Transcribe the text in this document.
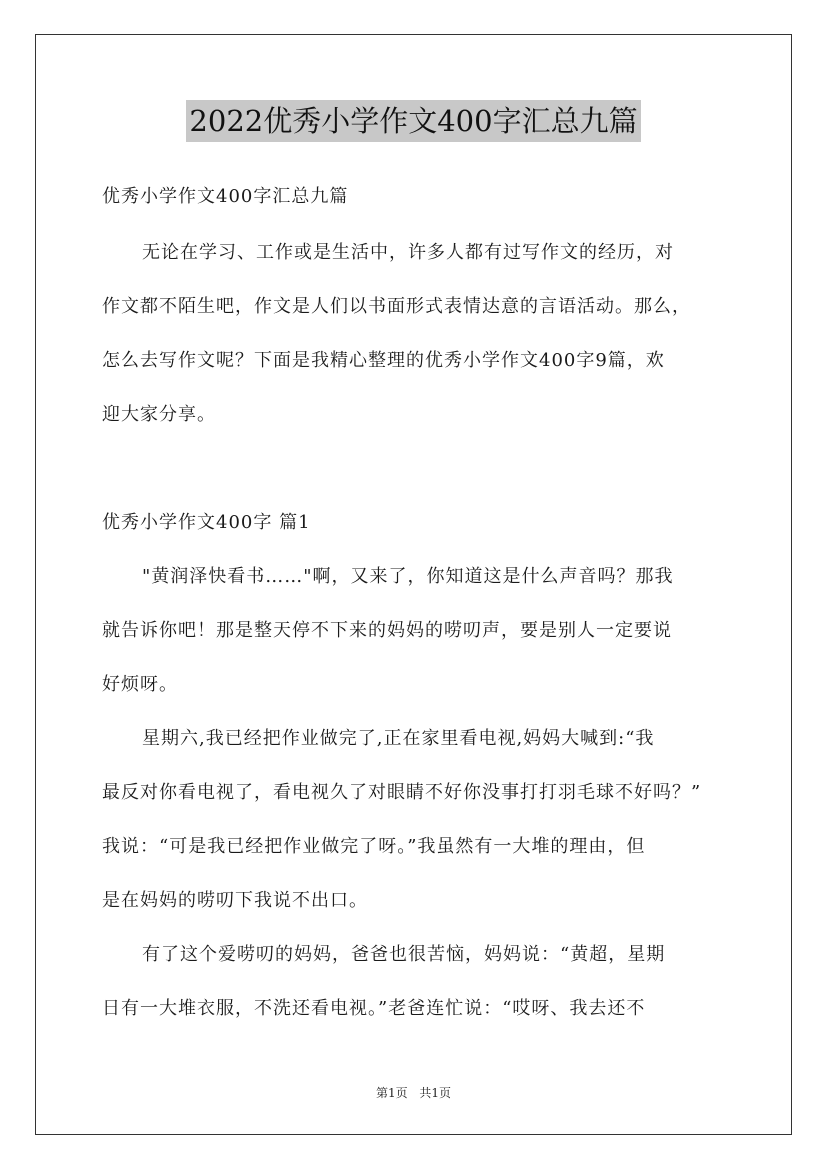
2022优秀小学作文400字汇总九篇
优秀小学作文400字汇总九篇
无论在学习、工作或是生活中，许多人都有过写作文的经历，对
作文都不陌生吧，作文是人们以书面形式表情达意的言语活动。那么，
怎么去写作文呢？下面是我精心整理的优秀小学作文400字9篇，欢
迎大家分享。
优秀小学作文400字 篇1
"黄润泽快看书……"啊，又来了，你知道这是什么声音吗？那我
就告诉你吧！那是整天停不下来的妈妈的唠叨声，要是别人一定要说
好烦呀。
星期六,我已经把作业做完了,正在家里看电视,妈妈大喊到:“我
最反对你看电视了，看电视久了对眼睛不好你没事打打羽毛球不好吗？”
我说：“可是我已经把作业做完了呀。”我虽然有一大堆的理由，但
是在妈妈的唠叨下我说不出口。
有了这个爱唠叨的妈妈，爸爸也很苦恼，妈妈说：“黄超，星期
日有一大堆衣服，不洗还看电视。”老爸连忙说：“哎呀、我去还不
第1页 共1页
